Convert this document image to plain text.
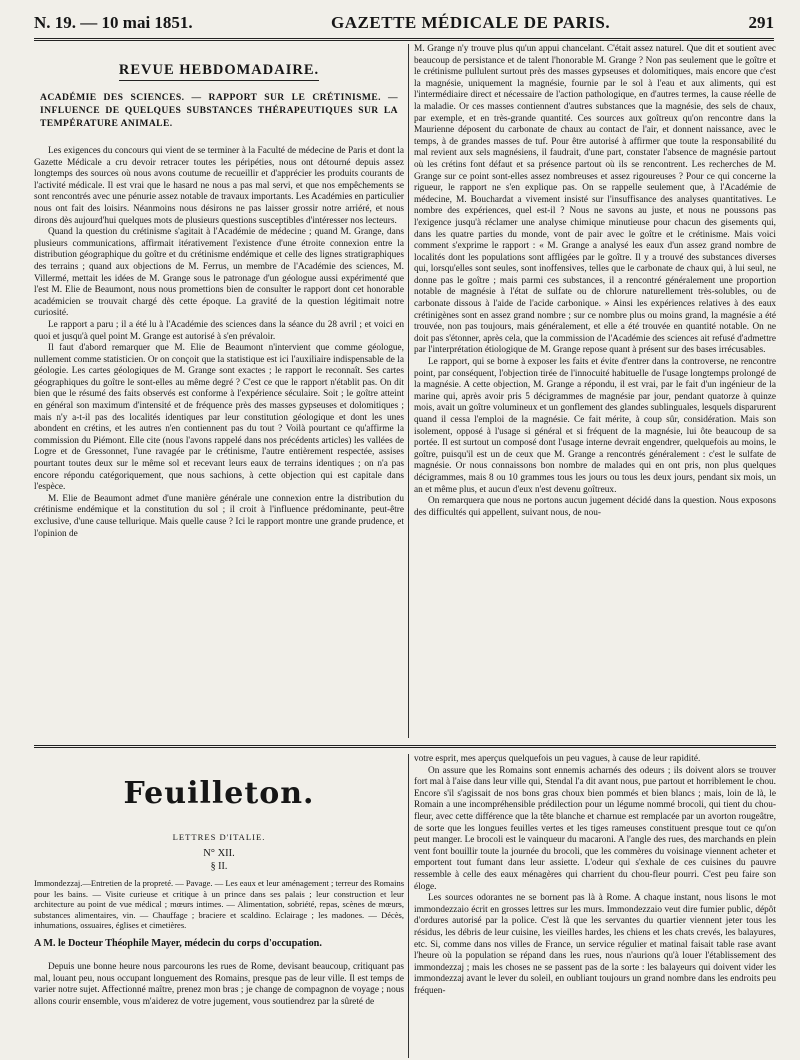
N. 19. — 10 mai 1851.	GAZETTE MÉDICALE DE PARIS.	291
REVUE HEBDOMADAIRE.
ACADÉMIE DES SCIENCES. — RAPPORT SUR LE CRÉTINISME. — INFLUENCE DE QUELQUES SUBSTANCES THÉRAPEUTIQUES SUR LA TEMPÉRATURE ANIMALE.

Les exigences du concours qui vient de se terminer à la Faculté de médecine de Paris et dont la Gazette Médicale a cru devoir retracer toutes les péripéties, nous ont détourné depuis assez longtemps des sources où nous avons coutume de recueillir et d'apprécier les produits courants de l'activité médicale. Il est vrai que le hasard ne nous a pas mal servi, et que nos empêchements se sont rencontrés avec une pénurie assez notable de travaux importants. Les Académies en particulier nous ont fait des loisirs. Néanmoins nous désirons ne pas laisser grossir notre arriéré, et nous dirons dès aujourd'hui quelques mots de plusieurs questions susceptibles d'intéresser nos lecteurs.

Quand la question du crétinisme s'agitait à l'Académie de médecine ; quand M. Grange, dans plusieurs communications, affirmait itérativement l'existence d'une étroite connexion entre la distribution géographique du goître et du crétinisme endémique et celle des lignes stratigraphiques des terrains ; quand aux objections de M. Ferrus, un membre de l'Académie des sciences, M. Villermé, mettait les idées de M. Grange sous le patronage d'un géologue aussi expérimenté que l'est M. Elie de Beaumont, nous nous promettions bien de consulter le rapport dont cet honorable académicien se trouvait chargé dès cette époque. La gravité de la question légitimait notre curiosité.

Le rapport a paru ; il a été lu à l'Académie des sciences dans la séance du 28 avril ; et voici en quoi et jusqu'à quel point M. Grange est autorisé à s'en prévaloir.

Il faut d'abord remarquer que M. Elie de Beaumont n'intervient que comme géologue, nullement comme statisticien. Or on conçoit que la statistique est ici l'auxiliaire indispensable de la géologie. Les cartes géologiques de M. Grange sont exactes ; le rapport le reconnaît. Ses cartes géographiques du goître le sont-elles au même degré ? C'est ce que le rapport n'établit pas. On dit bien que le résumé des faits observés est conforme à l'expérience séculaire. Soit ; le goître atteint en général son maximum d'intensité et de fréquence près des masses gypseuses et dolomitiques ; mais n'y a-t-il pas des localités identiques par leur constitution géologique et dont les unes abondent en crétins, et les autres n'en contiennent pas du tout ? Voilà pourtant ce qu'affirme la commission du Piémont. Elle cite (nous l'avons rappelé dans nos précédents articles) les vallées de Logre et de Gressonnet, l'une ravagée par le crétinisme, l'autre entièrement respectée, assises pourtant toutes deux sur le même sol et recevant leurs eaux de terrains identiques ; on n'a pas encore répondu catégoriquement, que nous sachions, à cette objection qui est capitale dans l'espèce.

M. Elie de Beaumont admet d'une manière générale une connexion entre la distribution du crétinisme endémique et la constitution du sol ; il croit à l'influence prédominante, peut-être exclusive, d'une cause tellurique. Mais quelle cause ? Ici le rapport montre une grande prudence, et l'opinion de

M. Grange n'y trouve plus qu'un appui chancelant. C'était assez naturel. Que dit et soutient avec beaucoup de persistance et de talent l'honorable M. Grange ? Non pas seulement que le goître et le crétinisme pullulent surtout près des masses gypseuses et dolomitiques, mais encore que c'est la magnésie, uniquement la magnésie, fournie par le sol à l'eau et aux aliments, qui est l'intermédiaire direct et nécessaire de l'action pathologique, en d'autres termes, la cause réelle de la maladie. Or ces masses contiennent d'autres substances que la magnésie, des sels de chaux, par exemple, et en très-grande quantité. Ces sources aux goîtreux qu'on rencontre dans la Maurienne déposent du carbonate de chaux au contact de l'air, et donnent naissance, avec le temps, à de grandes masses de tuf. Pour être autorisé à affirmer que toute la responsabilité du mal revient aux sels magnésiens, il faudrait, d'une part, constater l'absence de magnésie partout où les crétins font défaut et sa présence partout où ils se rencontrent. Les recherches de M. Grange sur ce point sont-elles assez nombreuses et assez rigoureuses ? Pour ce qui concerne la rigueur, le rapport ne s'en explique pas. On se rappelle seulement que, à l'Académie de médecine, M. Bouchardat a vivement insisté sur l'insuffisance des analyses quantitatives. Le nombre des expériences, quel est-il ? Nous ne savons au juste, et nous ne poussons pas l'exigence jusqu'à réclamer une analyse chimique minutieuse pour chacun des gisements qui, dans les quatre parties du monde, vont de pair avec le goître et le crétinisme. Mais voici comment s'exprime le rapport : « M. Grange a analysé les eaux d'un assez grand nombre de localités dont les populations sont affligées par le goître. Il y a trouvé des substances diverses qui, lorsqu'elles sont seules, sont inoffensives, telles que le carbonate de chaux qui, à lui seul, ne donne pas le goître ; mais parmi ces substances, il a rencontré généralement une proportion notable de magnésie à l'état de sulfate ou de chlorure naturellement très-solubles, ou de carbonate dissous à l'aide de l'acide carbonique. » Ainsi les expériences relatives à des eaux crétinigènes sont en assez grand nombre ; sur ce nombre plus ou moins grand, la magnésie a été trouvée, non pas toujours, mais généralement, et elle a été trouvée en quantité notable. On ne doit pas s'étonner, après cela, que la commission de l'Académie des sciences ait refusé d'admettre par l'interprétation étiologique de M. Grange repose quant à présent sur des bases irrécusables.

Le rapport, qui se borne à exposer les faits et évite d'entrer dans la controverse, ne rencontre point, par conséquent, l'objection tirée de l'innocuité habituelle de l'usage longtemps prolongé de la magnésie. A cette objection, M. Grange a répondu, il est vrai, par le fait d'un ingénieur de la marine qui, après avoir pris 5 décigrammes de magnésie par jour, pendant quatorze à quinze mois, avait un goître volumineux et un gonflement des glandes sublinguales, lesquels disparurent quand il cessa l'emploi de la magnésie. Ce fait mérite, à coup sûr, considération. Mais son isolement, opposé à l'usage si général et si fréquent de la magnésie, lui ôte beaucoup de sa portée. Il est surtout un composé dont l'usage interne devrait engendrer, quelquefois au moins, le goître, puisqu'il est un de ceux que M. Grange a rencontrés généralement : c'est le sulfate de magnésie. Or nous connaissons bon nombre de malades qui en ont pris, non plus quelques décigrammes, mais 8 ou 10 grammes tous les jours ou tous les deux jours, pendant six mois, un an et même plus, et aucun d'eux n'est devenu goîtreux.

On remarquera que nous ne portons aucun jugement décidé dans la question. Nous exposons des difficultés qui appellent, suivant nous, de nou-

Feuilleton.
LETTRES D'ITALIE.
N° XII.
§ II.
Immondezzaj.—Entretien de la propreté. — Pavage. — Les eaux et leur aménagement ; terreur des Romains pour les bains. — Visite curieuse et critique à un prince dans ses palais ; leur construction et leur architecture au point de vue médical ; mœurs intimes. — Alimentation, sobriété, repas, scènes de mœurs, substances alimentaires, vin. — Chauffage ; braciere et scaldino. Eclairage ; les madones. — Décès, inhumations, ossuaires, églises et cimetières.
A M. le Docteur Théophile Mayer, médecin du corps d'occupation.

Depuis une bonne heure nous parcourons les rues de Rome, devisant beaucoup, critiquant pas mal, louant peu, nous occupant longuement des Romains, presque pas de leur ville. Il est temps de varier notre sujet. Affectionné maître, prenez mon bras ; je change de compagnon de voyage ; nous allons courir ensemble, vous m'aiderez de votre jugement, vous soutiendrez par la sûreté de

votre esprit, mes aperçus quelquefois un peu vagues, à cause de leur rapidité.

On assure que les Romains sont ennemis acharnés des odeurs ; ils doivent alors se trouver fort mal à l'aise dans leur ville qui, Stendal l'a dit avant nous, pue partout et horriblement le chou. Encore s'il s'agissait de nos bons gras choux bien pommés et bien blancs ; mais, loin de là, le Romain a une incompréhensible prédilection pour un légume nommé brocoli, qui tient du chou-fleur, avec cette différence que la tête blanche et charnue est remplacée par un avorton rougeâtre, de sorte que les longues feuilles vertes et les tiges rameuses constituent presque tout ce qu'on peut manger. Le brocoli est le vainqueur du macaroni. A l'angle des rues, des marchands en plein vent font bouillir toute la journée du brocoli, que les commères du voisinage viennent acheter et emportent tout fumant dans leur assiette. L'odeur qui s'exhale de ces cuisines du pauvre ressemble à celle des eaux ménagères qui charrient du chou-fleur pourri. C'est peu faire son éloge.

Les sources odorantes ne se bornent pas là à Rome. A chaque instant, nous lisons le mot immondezzaio écrit en grosses lettres sur les murs. Immondezzaio veut dire fumier public, dépôt d'ordures autorisé par la police. C'est là que les servantes du quartier viennent jeter tous les résidus, les débris de leur cuisine, les vieilles hardes, les chiens et les chats crevés, les balayures, etc. Si, comme dans nos villes de France, un service régulier et matinal faisait table rase avant l'heure où la population se répand dans les rues, nous n'aurions qu'à louer l'établissement des immondezzaj ; mais les choses ne se passent pas de la sorte : les balayeurs qui doivent vider les immondezzaj avant le lever du soleil, en oubliant toujours un grand nombre dans les endroits peu fréquen-
